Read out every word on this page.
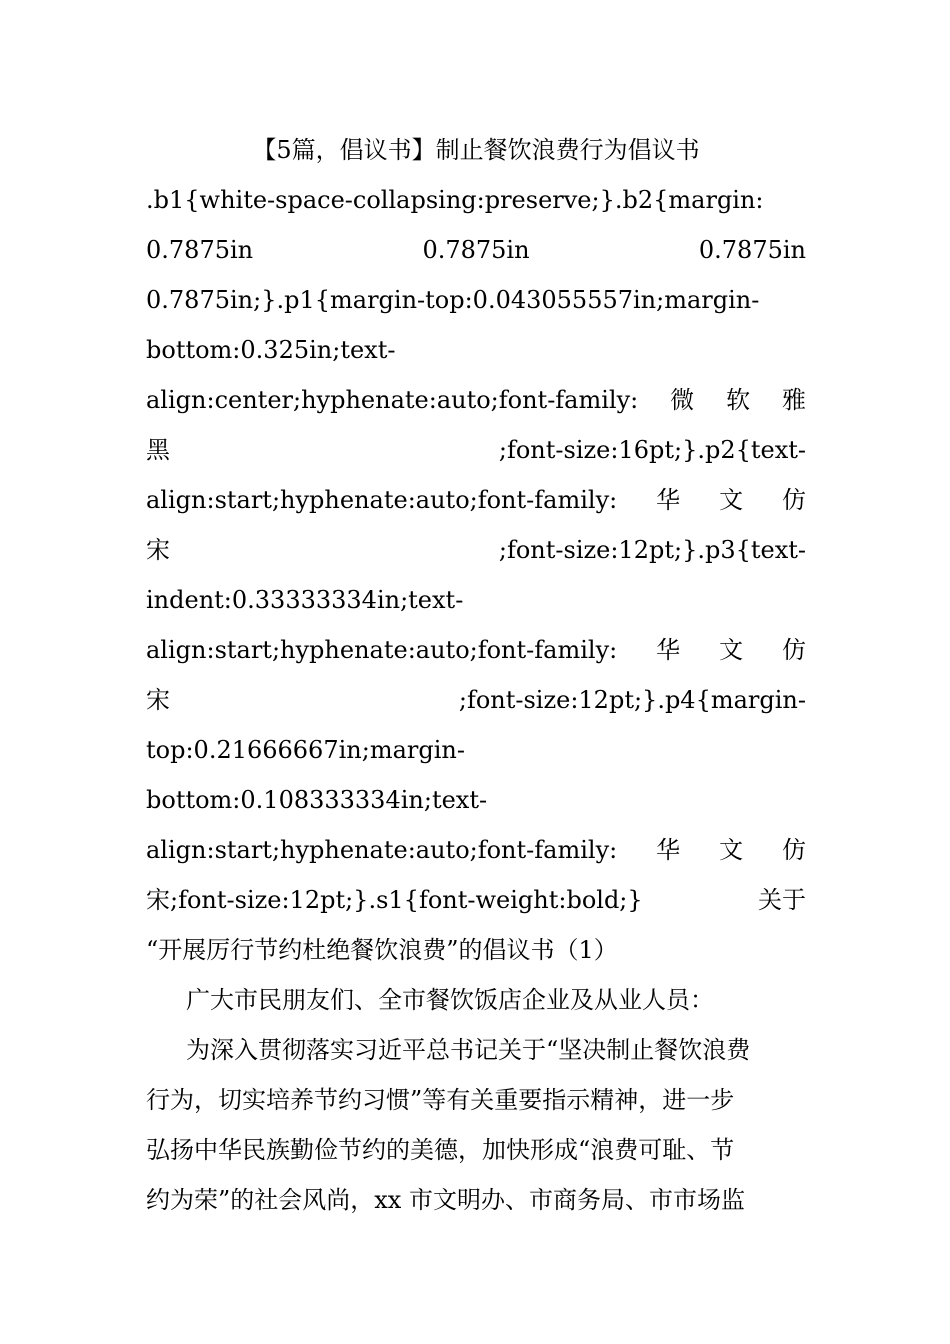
【5篇，倡议书】制止餐饮浪费行为倡议书
.b1{white-space-collapsing:preserve;}.b2{margin:
0.7875in	0.7875in	0.7875in
0.7875in;}.p1{margin-top:0.043055557in;margin-
bottom:0.325in;text-
align:center;hyphenate:auto;font-family: 微 软 雅
黑	;font-size:16pt;}.p2{text-
align:start;hyphenate:auto;font-family: 华 文 仿
宋	;font-size:12pt;}.p3{text-
indent:0.33333334in;text-
align:start;hyphenate:auto;font-family: 华 文 仿
宋	;font-size:12pt;}.p4{margin-
top:0.21666667in;margin-
bottom:0.108333334in;text-
align:start;hyphenate:auto;font-family: 华 文 仿
宋;font-size:12pt;}.s1{font-weight:bold;}	关于
“开展厉行节约杜绝餐饮浪费”的倡议书（1）
广大市民朋友们、全市餐饮饭店企业及从业人员：
为深入贯彻落实习近平总书记关于“坚决制止餐饮浪费
行为，切实培养节约习惯”等有关重要指示精神，进一步
弘扬中华民族勤俭节约的美德，加快形成“浪费可耻、节
约为荣”的社会风尚，xx 市文明办、市商务局、市市场监
